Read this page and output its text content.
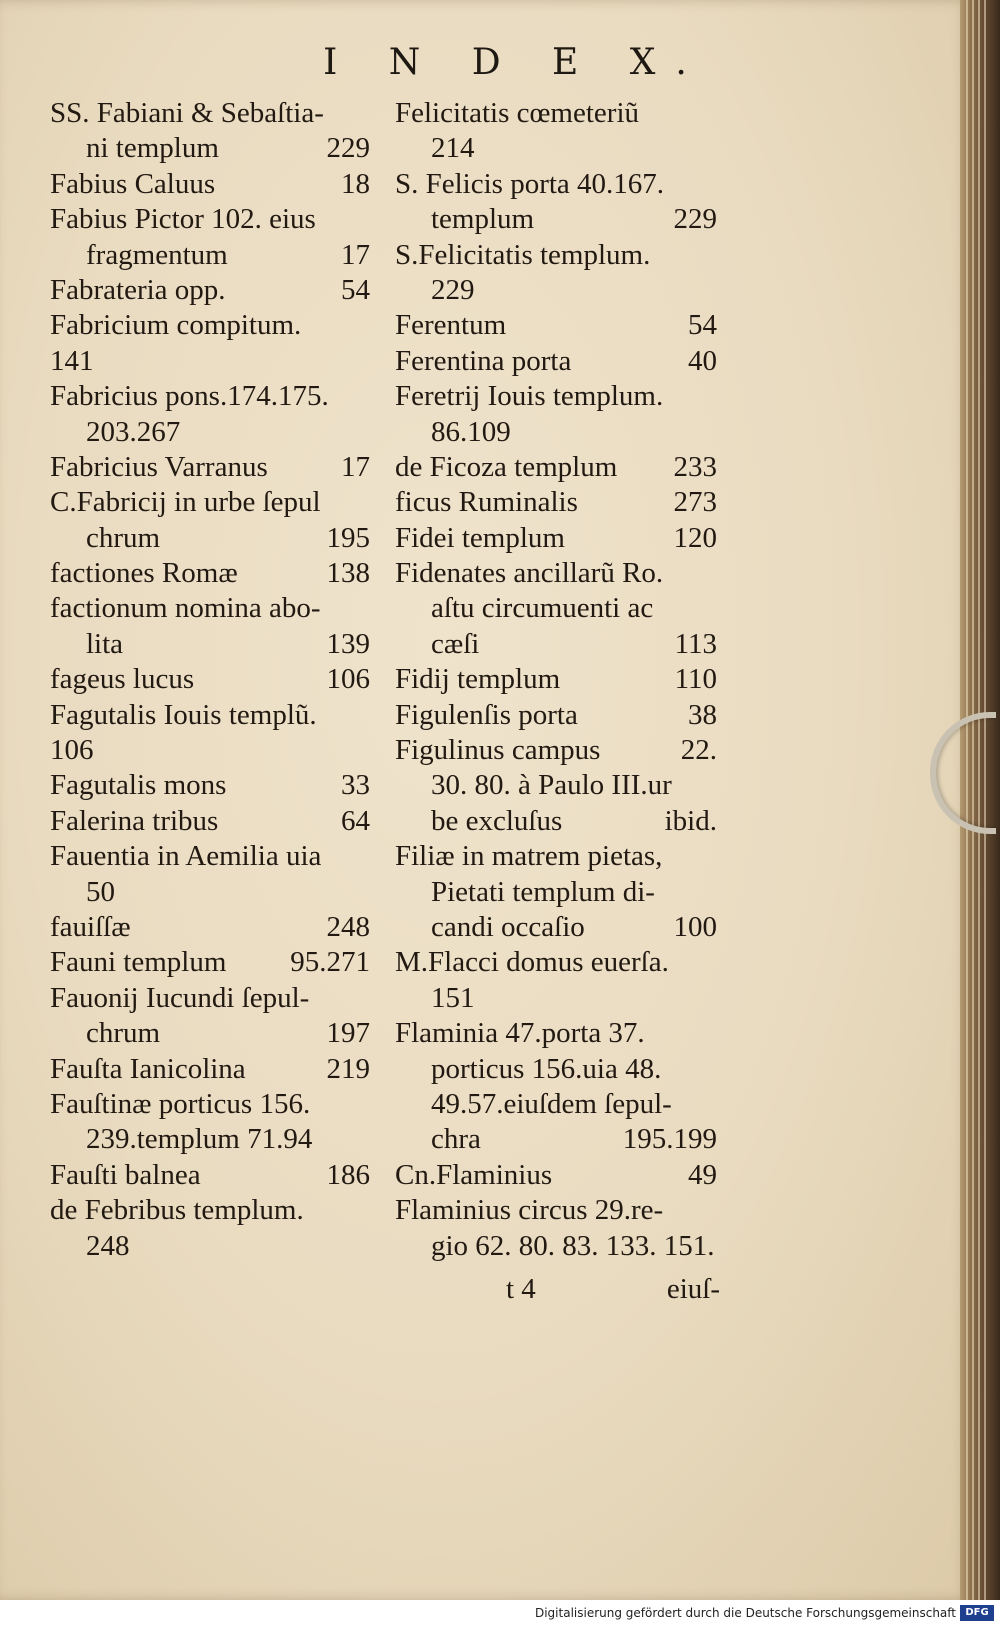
I N D E X.
SS. Fabiani & Sebaſtia-
ni templum	229
Fabius Caluus	18
Fabius Pictor 102. eius
fragmentum	17
Fabrateria opp.	54
Fabricium compitum.
141
Fabricius pons.174.175.
203.267
Fabricius Varranus	17
C.Fabricij in urbe ſepul
chrum	195
factiones Romæ	138
factionum nomina abo-
lita	139
fageus lucus	106
Fagutalis Iouis templũ.
106
Fagutalis mons	33
Falerina tribus	64
Fauentia in Aemilia uia
50
fauiſſæ	248
Fauni templum 95.271
Fauonij Iucundi ſepul-
chrum	197
Fauſta Ianicolina	219
Fauſtinæ porticus 156.
239.templum 71.94
Fauſti balnea	186
de Febribus templum.
248
Felicitatis cœmeteriũ
214
S. Felicis porta 40.167.
templum	229
S.Felicitatis templum.
229
Ferentum	54
Ferentina porta	40
Feretrij Iouis templum.
86.109
de Ficoza templum 233
ficus Ruminalis	273
Fidei templum	120
Fidenates ancillarũ Ro.
aſtu circumuenti ac
cæſi	113
Fidij templum	110
Figulenſis porta	38
Figulinus campus	22.
30. 80. à Paulo III.ur
be excluſus	ibid.
Filiæ in matrem pietas,
Pietati templum di-
candi occaſio	100
M.Flacci domus euerſa.
151
Flaminia 47.porta 37.
porticus 156.uia 48.
49.57.eiuſdem ſepul-
chra	195.199
Cn.Flaminius	49
Flaminius circus 29.re-
gio 62. 80. 83. 133. 151.
t 4	eiuſ-
Digitalisierung gefördert durch die Deutsche Forschungsgemeinschaft DFG
